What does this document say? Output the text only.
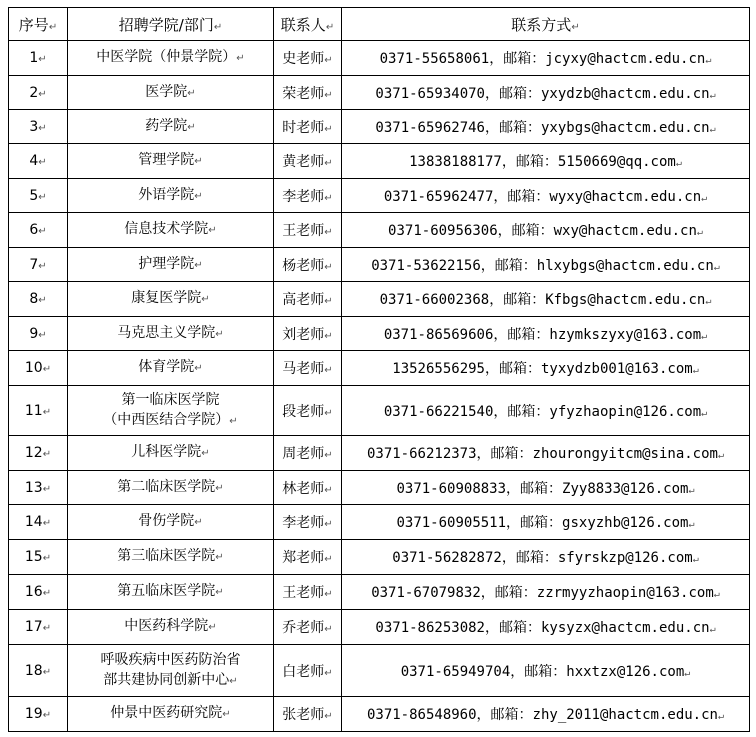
序号↵	招聘学院/部门↵	联系人↵	联系方式↵
1↵	中医学院（仲景学院）↵	史老师↵	0371-55658061，邮箱：jcyxy@hactcm.edu.cn↵
2↵	医学院↵	荣老师↵	0371-65934070，邮箱：yxydzb@hactcm.edu.cn↵
3↵	药学院↵	时老师↵	0371-65962746，邮箱：yxybgs@hactcm.edu.cn↵
4↵	管理学院↵	黄老师↵	13838188177，邮箱：5150669@qq.com↵
5↵	外语学院↵	李老师↵	0371-65962477，邮箱：wyxy@hactcm.edu.cn↵
6↵	信息技术学院↵	王老师↵	0371-60956306，邮箱：wxy@hactcm.edu.cn↵
7↵	护理学院↵	杨老师↵	0371-53622156，邮箱：hlxybgs@hactcm.edu.cn↵
8↵	康复医学院↵	高老师↵	0371-66002368，邮箱：Kfbgs@hactcm.edu.cn↵
9↵	马克思主义学院↵	刘老师↵	0371-86569606，邮箱：hzymkszyxy@163.com↵
10↵	体育学院↵	马老师↵	13526556295，邮箱：tyxydzb001@163.com↵
11↵	第一临床医学院
（中西医结合学院）↵	段老师↵	0371-66221540，邮箱：yfyzhaopin@126.com↵
12↵	儿科医学院↵	周老师↵	0371-66212373，邮箱：zhourongyitcm@sina.com↵
13↵	第二临床医学院↵	林老师↵	0371-60908833，邮箱：Zyy8833@126.com↵
14↵	骨伤学院↵	李老师↵	0371-60905511，邮箱：gsxyzhb@126.com↵
15↵	第三临床医学院↵	郑老师↵	0371-56282872，邮箱：sfyrskzp@126.com↵
16↵	第五临床医学院↵	王老师↵	0371-67079832，邮箱：zzrmyyzhaopin@163.com↵
17↵	中医药科学院↵	乔老师↵	0371-86253082，邮箱：kysyzx@hactcm.edu.cn↵
18↵	呼吸疾病中医药防治省
部共建协同创新中心↵	白老师↵	0371-65949704，邮箱：hxxtzx@126.com↵
19↵	仲景中医药研究院↵	张老师↵	0371-86548960，邮箱：zhy_2011@hactcm.edu.cn↵
